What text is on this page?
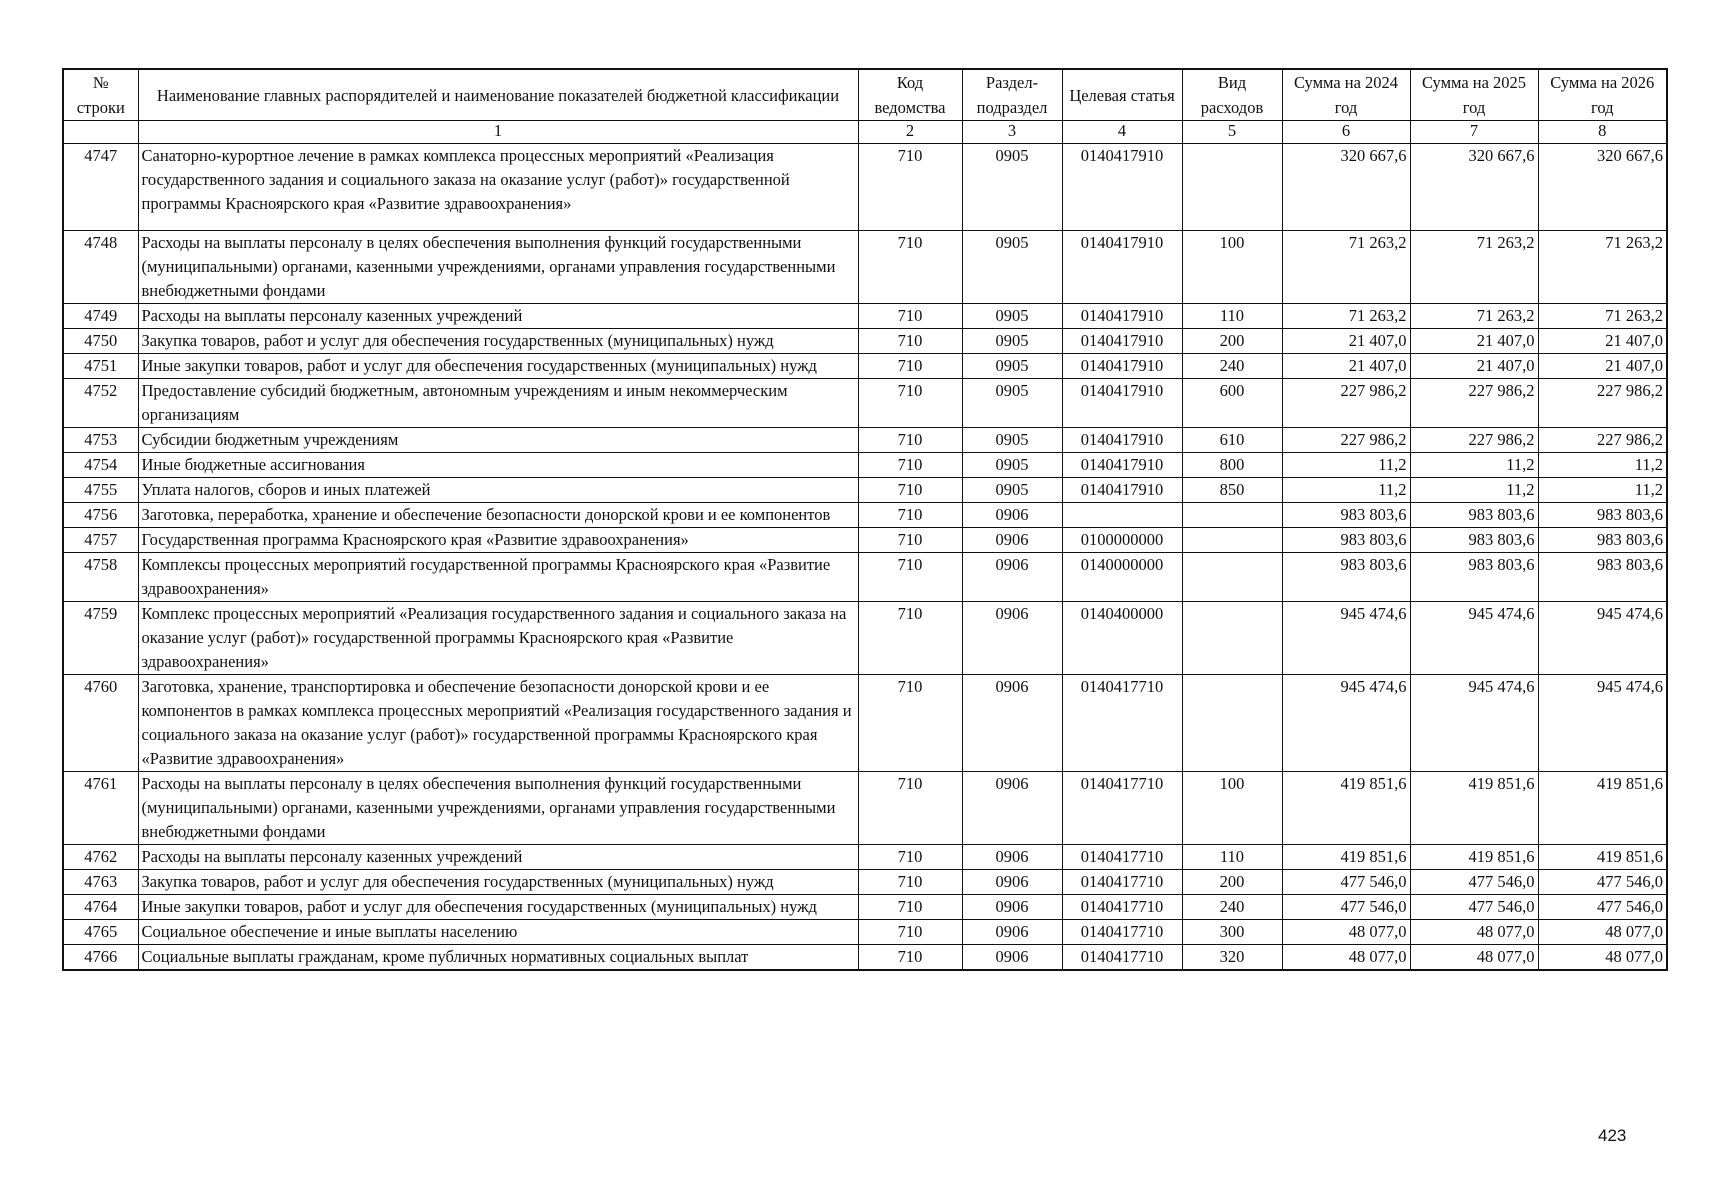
№ строки	Наименование главных распорядителей и наименование показателей бюджетной классификации	Код ведомства	Раздел-подраздел	Целевая статья	Вид расходов	Сумма на 2024 год	Сумма на 2025 год	Сумма на 2026 год
	1	2	3	4	5	6	7	8
4747	Санаторно-курортное лечение в рамках комплекса процессных мероприятий «Реализация государственного задания и социального заказа на оказание услуг (работ)» государственной программы Красноярского края «Развитие здравоохранения»	710	0905	0140417910		320 667,6	320 667,6	320 667,6
4748	Расходы на выплаты персоналу в целях обеспечения выполнения функций государственными (муниципальными) органами, казенными учреждениями, органами управления государственными внебюджетными фондами	710	0905	0140417910	100	71 263,2	71 263,2	71 263,2
4749	Расходы на выплаты персоналу казенных учреждений	710	0905	0140417910	110	71 263,2	71 263,2	71 263,2
4750	Закупка товаров, работ и услуг для обеспечения государственных (муниципальных) нужд	710	0905	0140417910	200	21 407,0	21 407,0	21 407,0
4751	Иные закупки товаров, работ и услуг для обеспечения государственных (муниципальных) нужд	710	0905	0140417910	240	21 407,0	21 407,0	21 407,0
4752	Предоставление субсидий бюджетным, автономным учреждениям и иным некоммерческим организациям	710	0905	0140417910	600	227 986,2	227 986,2	227 986,2
4753	Субсидии бюджетным учреждениям	710	0905	0140417910	610	227 986,2	227 986,2	227 986,2
4754	Иные бюджетные ассигнования	710	0905	0140417910	800	11,2	11,2	11,2
4755	Уплата налогов, сборов и иных платежей	710	0905	0140417910	850	11,2	11,2	11,2
4756	Заготовка, переработка, хранение и обеспечение безопасности донорской крови и ее компонентов	710	0906			983 803,6	983 803,6	983 803,6
4757	Государственная программа Красноярского края «Развитие здравоохранения»	710	0906	0100000000		983 803,6	983 803,6	983 803,6
4758	Комплексы процессных мероприятий государственной программы Красноярского края «Развитие здравоохранения»	710	0906	0140000000		983 803,6	983 803,6	983 803,6
4759	Комплекс процессных мероприятий «Реализация государственного задания и социального заказа на оказание услуг (работ)» государственной программы Красноярского края «Развитие здравоохранения»	710	0906	0140400000		945 474,6	945 474,6	945 474,6
4760	Заготовка, хранение, транспортировка и обеспечение безопасности донорской крови и ее компонентов в рамках комплекса процессных мероприятий «Реализация государственного задания и социального заказа на оказание услуг (работ)» государственной программы Красноярского края «Развитие здравоохранения»	710	0906	0140417710		945 474,6	945 474,6	945 474,6
4761	Расходы на выплаты персоналу в целях обеспечения выполнения функций государственными (муниципальными) органами, казенными учреждениями, органами управления государственными внебюджетными фондами	710	0906	0140417710	100	419 851,6	419 851,6	419 851,6
4762	Расходы на выплаты персоналу казенных учреждений	710	0906	0140417710	110	419 851,6	419 851,6	419 851,6
4763	Закупка товаров, работ и услуг для обеспечения государственных (муниципальных) нужд	710	0906	0140417710	200	477 546,0	477 546,0	477 546,0
4764	Иные закупки товаров, работ и услуг для обеспечения государственных (муниципальных) нужд	710	0906	0140417710	240	477 546,0	477 546,0	477 546,0
4765	Социальное обеспечение и иные выплаты населению	710	0906	0140417710	300	48 077,0	48 077,0	48 077,0
4766	Социальные выплаты гражданам, кроме публичных нормативных социальных выплат	710	0906	0140417710	320	48 077,0	48 077,0	48 077,0
423
